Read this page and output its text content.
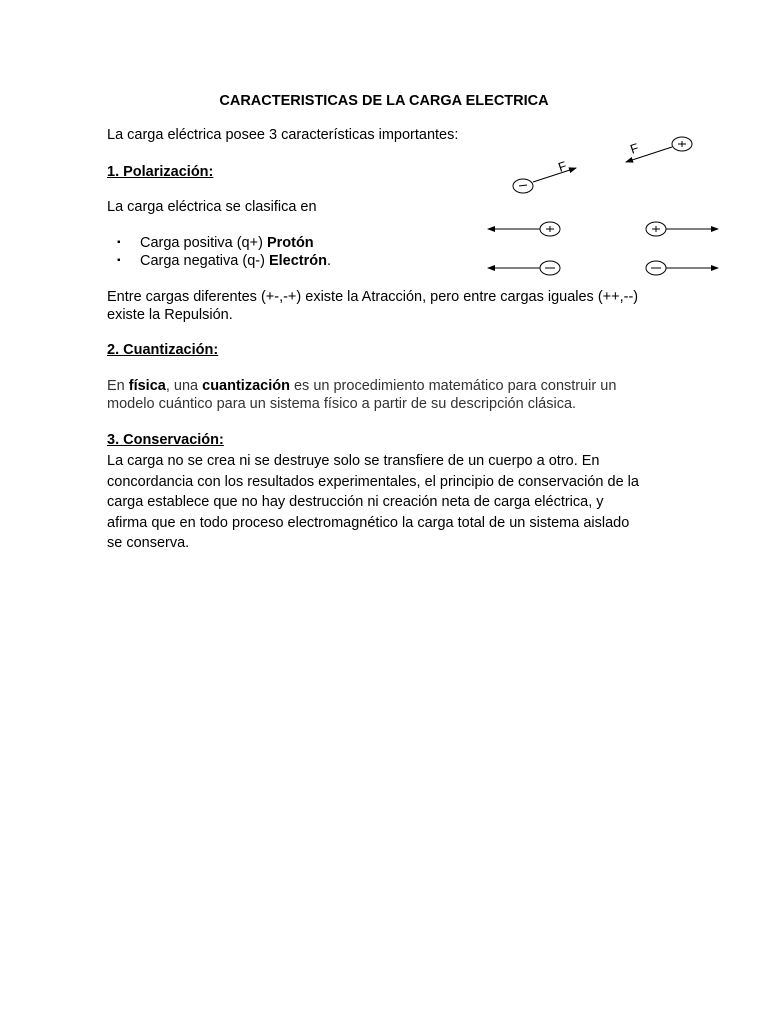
CARACTERISTICAS DE LA CARGA ELECTRICA
La carga eléctrica posee 3 características importantes:
1. Polarización:
La carga eléctrica se clasifica en
▪ Carga positiva (q+) Protón
▪ Carga negativa (q-) Electrón.
Entre cargas diferentes (+-,-+) existe la Atracción, pero entre cargas iguales (++,--)
existe la Repulsión.
F
F
2. Cuantización:
En física, una cuantización es un procedimiento matemático para construir un
modelo cuántico para un sistema físico a partir de su descripción clásica.
3. Conservación:
La carga no se crea ni se destruye solo se transfiere de un cuerpo a otro. En
concordancia con los resultados experimentales, el principio de conservación de la
carga establece que no hay destrucción ni creación neta de carga eléctrica, y
afirma que en todo proceso electromagnético la carga total de un sistema aislado
se conserva.
